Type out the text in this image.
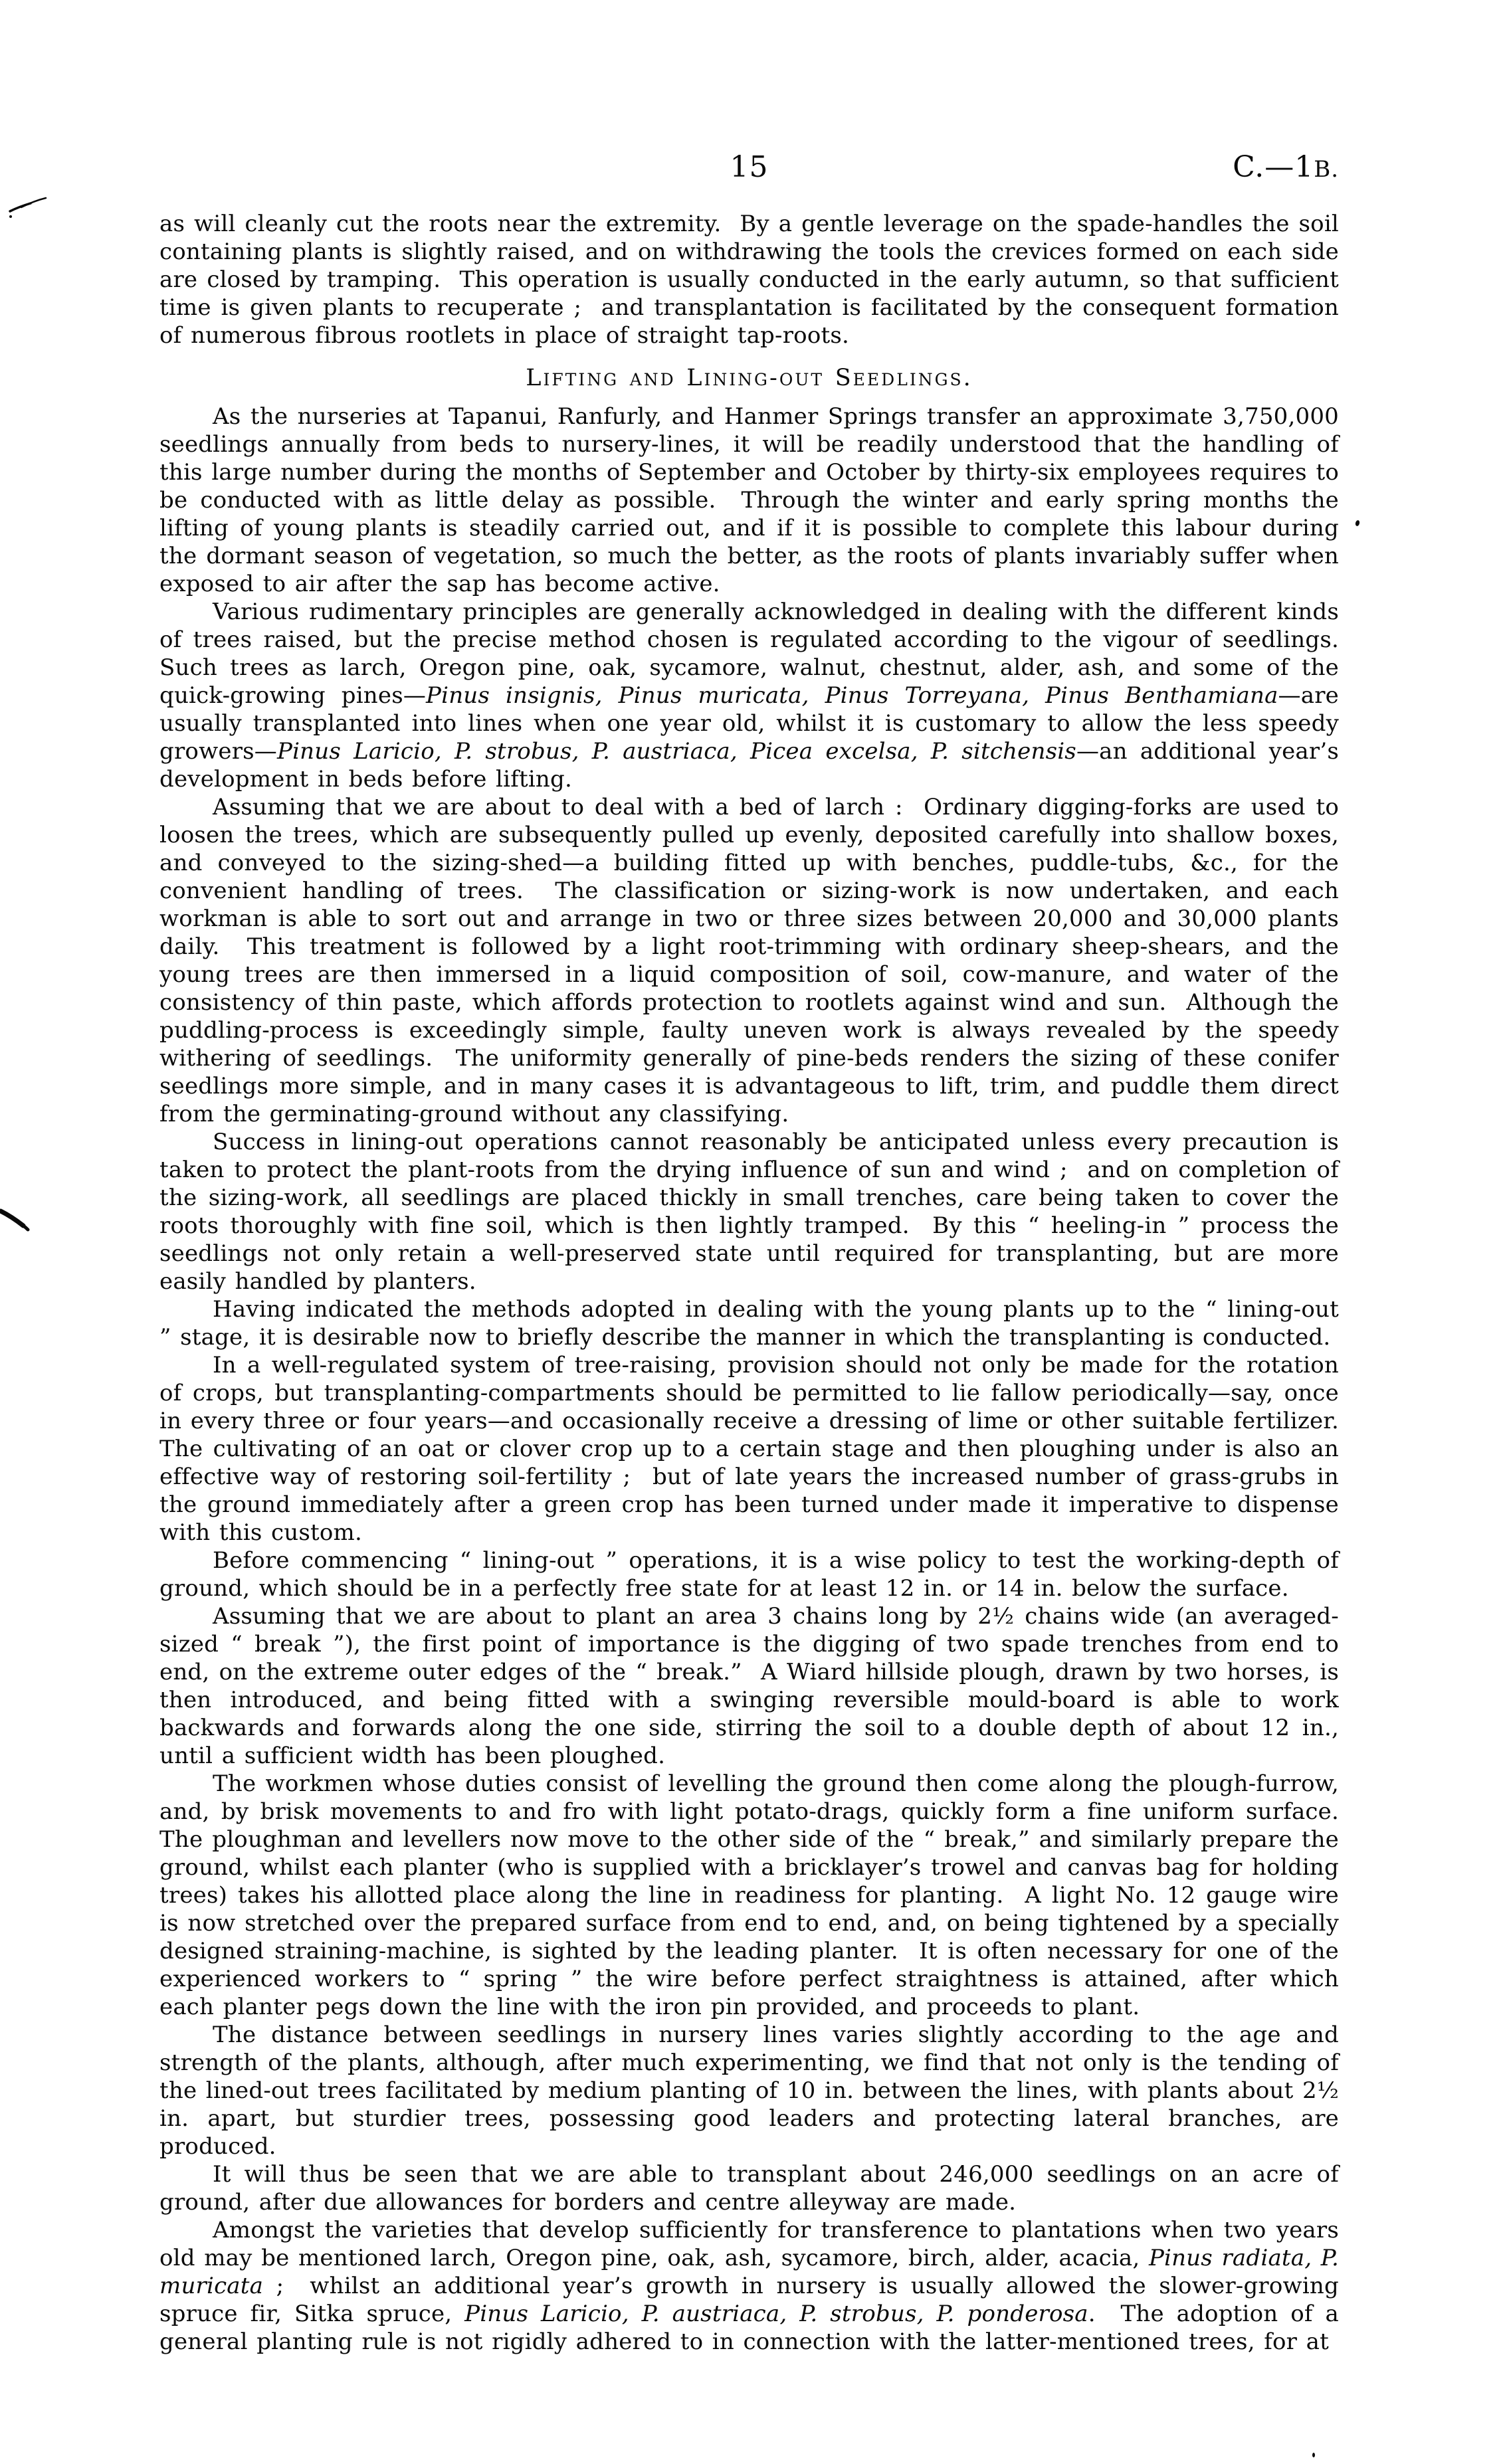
15	C.—1B.

as will cleanly cut the roots near the extremity.  By a gentle leverage on the spade-handles the soil containing plants is slightly raised, and on withdrawing the tools the crevices formed on each side are closed by tramping.  This operation is usually conducted in the early autumn, so that sufficient time is given plants to recuperate ;  and transplantation is facilitated by the consequent formation of numerous fibrous rootlets in place of straight tap-roots.

Lifting and Lining-out Seedlings.

As the nurseries at Tapanui, Ranfurly, and Hanmer Springs transfer an approximate 3,750,000 seedlings annually from beds to nursery-lines, it will be readily understood that the handling of this large number during the months of September and October by thirty-six employees requires to be conducted with as little delay as possible.  Through the winter and early spring months the lifting of young plants is steadily carried out, and if it is possible to complete this labour during the dormant season of vegetation, so much the better, as the roots of plants invariably suffer when exposed to air after the sap has become active.

Various rudimentary principles are generally acknowledged in dealing with the different kinds of trees raised, but the precise method chosen is regulated according to the vigour of seedlings.  Such trees as larch, Oregon pine, oak, sycamore, walnut, chestnut, alder, ash, and some of the quick-growing pines—Pinus insignis, Pinus muricata, Pinus Torreyana, Pinus Benthamiana—are usually transplanted into lines when one year old, whilst it is customary to allow the less speedy growers—Pinus Laricio, P. strobus, P. austriaca, Picea excelsa, P. sitchensis—an additional year’s development in beds before lifting.

Assuming that we are about to deal with a bed of larch :  Ordinary digging-forks are used to loosen the trees, which are subsequently pulled up evenly, deposited carefully into shallow boxes, and conveyed to the sizing-shed—a building fitted up with benches, puddle-tubs, &c., for the convenient handling of trees.  The classification or sizing-work is now undertaken, and each workman is able to sort out and arrange in two or three sizes between 20,000 and 30,000 plants daily.  This treatment is followed by a light root-trimming with ordinary sheep-shears, and the young trees are then immersed in a liquid composition of soil, cow-manure, and water of the consistency of thin paste, which affords protection to rootlets against wind and sun.  Although the puddling-process is exceedingly simple, faulty uneven work is always revealed by the speedy withering of seedlings.  The uniformity generally of pine-beds renders the sizing of these conifer seedlings more simple, and in many cases it is advantageous to lift, trim, and puddle them direct from the germinating-ground without any classifying.

Success in lining-out operations cannot reasonably be anticipated unless every precaution is taken to protect the plant-roots from the drying influence of sun and wind ;  and on completion of the sizing-work, all seedlings are placed thickly in small trenches, care being taken to cover the roots thoroughly with fine soil, which is then lightly tramped.  By this “ heeling-in ” process the seedlings not only retain a well-preserved state until required for transplanting, but are more easily handled by planters.

Having indicated the methods adopted in dealing with the young plants up to the “ lining-out ” stage, it is desirable now to briefly describe the manner in which the transplanting is conducted.

In a well-regulated system of tree-raising, provision should not only be made for the rotation of crops, but transplanting-compartments should be permitted to lie fallow periodically—say, once in every three or four years—and occasionally receive a dressing of lime or other suitable fertilizer.  The cultivating of an oat or clover crop up to a certain stage and then ploughing under is also an effective way of restoring soil-fertility ;  but of late years the increased number of grass-grubs in the ground immediately after a green crop has been turned under made it imperative to dispense with this custom.

Before commencing “ lining-out ” operations, it is a wise policy to test the working-depth of ground, which should be in a perfectly free state for at least 12 in. or 14 in. below the surface.

Assuming that we are about to plant an area 3 chains long by 2½ chains wide (an averaged-sized “ break ”), the first point of importance is the digging of two spade trenches from end to end, on the extreme outer edges of the “ break.”  A Wiard hillside plough, drawn by two horses, is then introduced, and being fitted with a swinging reversible mould-board is able to work backwards and forwards along the one side, stirring the soil to a double depth of about 12 in., until a sufficient width has been ploughed.

The workmen whose duties consist of levelling the ground then come along the plough-furrow, and, by brisk movements to and fro with light potato-drags, quickly form a fine uniform surface.  The ploughman and levellers now move to the other side of the “ break,” and similarly prepare the ground, whilst each planter (who is supplied with a bricklayer’s trowel and canvas bag for holding trees) takes his allotted place along the line in readiness for planting.  A light No. 12 gauge wire is now stretched over the prepared surface from end to end, and, on being tightened by a specially designed straining-machine, is sighted by the leading planter.  It is often necessary for one of the experienced workers to “ spring ” the wire before perfect straightness is attained, after which each planter pegs down the line with the iron pin provided, and proceeds to plant.

The distance between seedlings in nursery lines varies slightly according to the age and strength of the plants, although, after much experimenting, we find that not only is the tending of the lined-out trees facilitated by medium planting of 10 in. between the lines, with plants about 2½ in. apart, but sturdier trees, possessing good leaders and protecting lateral branches, are produced.

It will thus be seen that we are able to transplant about 246,000 seedlings on an acre of ground, after due allowances for borders and centre alleyway are made.

Amongst the varieties that develop sufficiently for transference to plantations when two years old may be mentioned larch, Oregon pine, oak, ash, sycamore, birch, alder, acacia, Pinus radiata, P. muricata ;  whilst an additional year’s growth in nursery is usually allowed the slower-growing spruce fir, Sitka spruce, Pinus Laricio, P. austriaca, P. strobus, P. ponderosa.  The adoption of a general planting rule is not rigidly adhered to in connection with the latter-mentioned trees, for at
